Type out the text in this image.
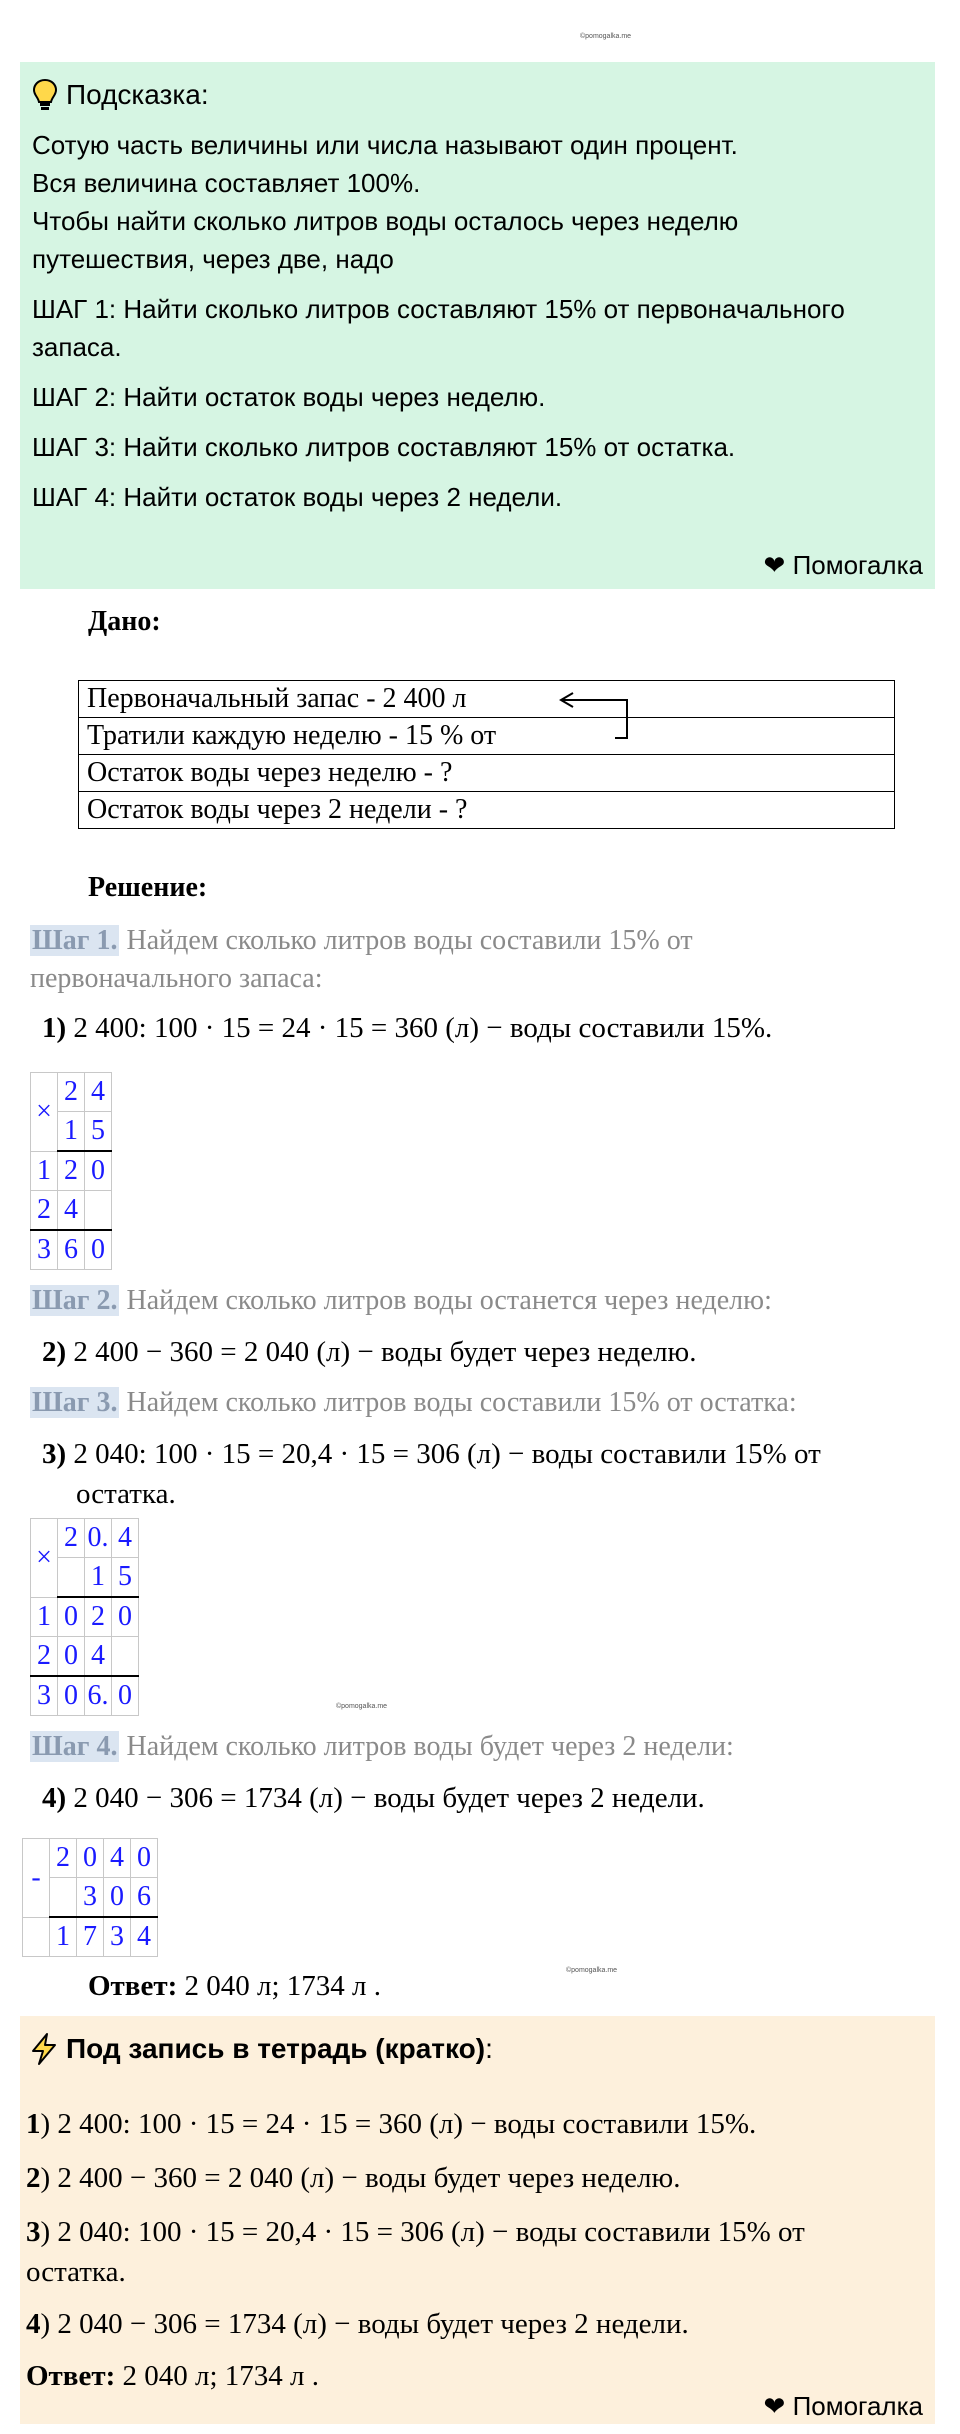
©pomogalka.me
©pomogalka.me
©pomogalka.me
Подсказка:
Сотую часть величины или числа называют один процент.
Вся величина составляет 100%.
Чтобы найти сколько литров воды осталось через неделю
путешествия, через две, надо
ШАГ 1: Найти сколько литров составляют 15% от первоначального
запаса.
ШАГ 2: Найти остаток воды через неделю.
ШАГ 3: Найти сколько литров составляют 15% от остатка.
ШАГ 4: Найти остаток воды через 2 недели.
❤ Помогалка
Дано:
Первоначальный запас - 2 400 л
Тратили каждую неделю - 15 % от
Остаток воды через неделю - ?
Остаток воды через 2 недели - ?
Решение:
Шаг 1. Найдем сколько литров воды составили 15% от
первоначального запаса:
1) 2 400: 100 · 15 = 24 · 15 = 360 (л) − воды составили 15%.
×	2	4
	1	5
1	2	0
2	4	
3	6	0
Шаг 2. Найдем сколько литров воды останется через неделю:
2) 2 400 − 360 = 2 040 (л) − воды будет через неделю.
Шаг 3. Найдем сколько литров воды составили 15% от остатка:
3) 2 040: 100 · 15 = 20,4 · 15 = 306 (л) − воды составили 15% от
остатка.
×	2	0.	4
		1	5
1	0	2	0
2	0	4	
3	0	6.	0
Шаг 4. Найдем сколько литров воды будет через 2 недели:
4) 2 040 − 306 = 1734 (л) − воды будет через 2 недели.
-	2	0	4	0
		3	0	6
	1	7	3	4
Ответ: 2 040 л; 1734 л .
Под запись в тетрадь (кратко):
1) 2 400: 100 · 15 = 24 · 15 = 360 (л) − воды составили 15%.
2) 2 400 − 360 = 2 040 (л) − воды будет через неделю.
3) 2 040: 100 · 15 = 20,4 · 15 = 306 (л) − воды составили 15% от
остатка.
4) 2 040 − 306 = 1734 (л) − воды будет через 2 недели.
Ответ: 2 040 л; 1734 л .
❤ Помогалка
